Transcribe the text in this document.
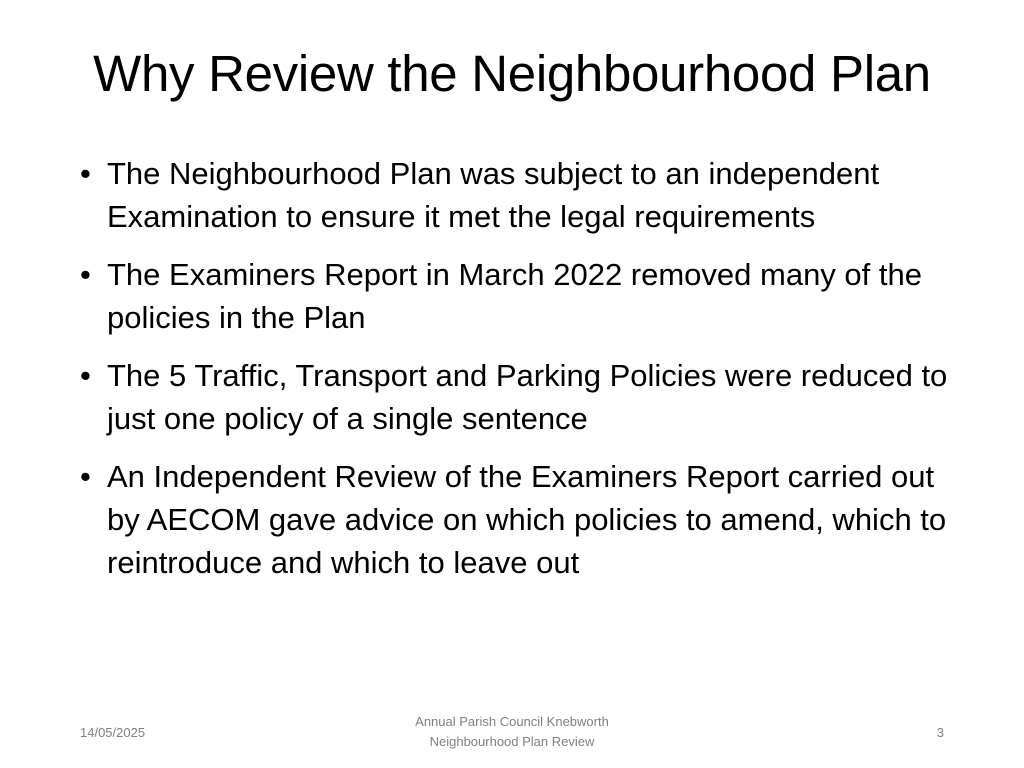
Why Review the Neighbourhood Plan
• The Neighbourhood Plan was subject to an independent Examination to ensure it met the legal requirements
• The Examiners Report in March 2022 removed many of the policies in the Plan
• The 5 Traffic, Transport and Parking Policies were reduced to just one policy of a single sentence
• An Independent Review of the Examiners Report carried out by AECOM gave advice on which policies to amend, which to reintroduce and which to leave out
14/05/2025
Annual Parish Council Knebworth
Neighbourhood Plan Review
3
